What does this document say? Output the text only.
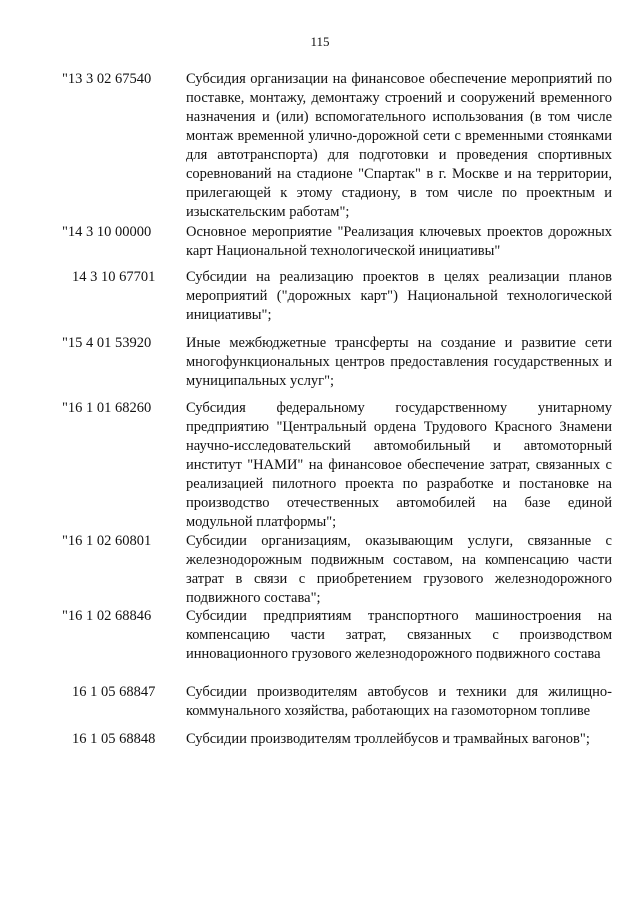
115
"13 3 02 67540 Субсидия организации на финансовое обеспечение мероприятий по поставке, монтажу, демонтажу строений и сооружений временного назначения и (или) вспомогательного использования (в том числе монтаж временной улично-дорожной сети с временными стоянками для автотранспорта) для подготовки и проведения спортивных соревнований на стадионе "Спартак" в г. Москве и на территории, прилегающей к этому стадиону, в том числе по проектным и изыскательским работам";
"14 3 10 00000 Основное мероприятие "Реализация ключевых проектов дорожных карт Национальной технологической инициативы"
14 3 10 67701 Субсидии на реализацию проектов в целях реализации планов мероприятий ("дорожных карт") Национальной технологической инициативы";
"15 4 01 53920 Иные межбюджетные трансферты на создание и развитие сети многофункциональных центров предоставления государственных и муниципальных услуг";
"16 1 01 68260 Субсидия федеральному государственному унитарному предприятию "Центральный ордена Трудового Красного Знамени научно-исследовательский автомобильный и автомоторный институт "НАМИ" на финансовое обеспечение затрат, связанных с реализацией пилотного проекта по разработке и постановке на производство отечественных автомобилей на базе единой модульной платформы";
"16 1 02 60801 Субсидии организациям, оказывающим услуги, связанные с железнодорожным подвижным составом, на компенсацию части затрат в связи с приобретением грузового железнодорожного подвижного состава";
"16 1 02 68846 Субсидии предприятиям транспортного машиностроения на компенсацию части затрат, связанных с производством инновационного грузового железнодорожного подвижного состава
16 1 05 68847 Субсидии производителям автобусов и техники для жилищно-коммунального хозяйства, работающих на газомоторном топливе
16 1 05 68848 Субсидии производителям троллейбусов и трамвайных вагонов";
